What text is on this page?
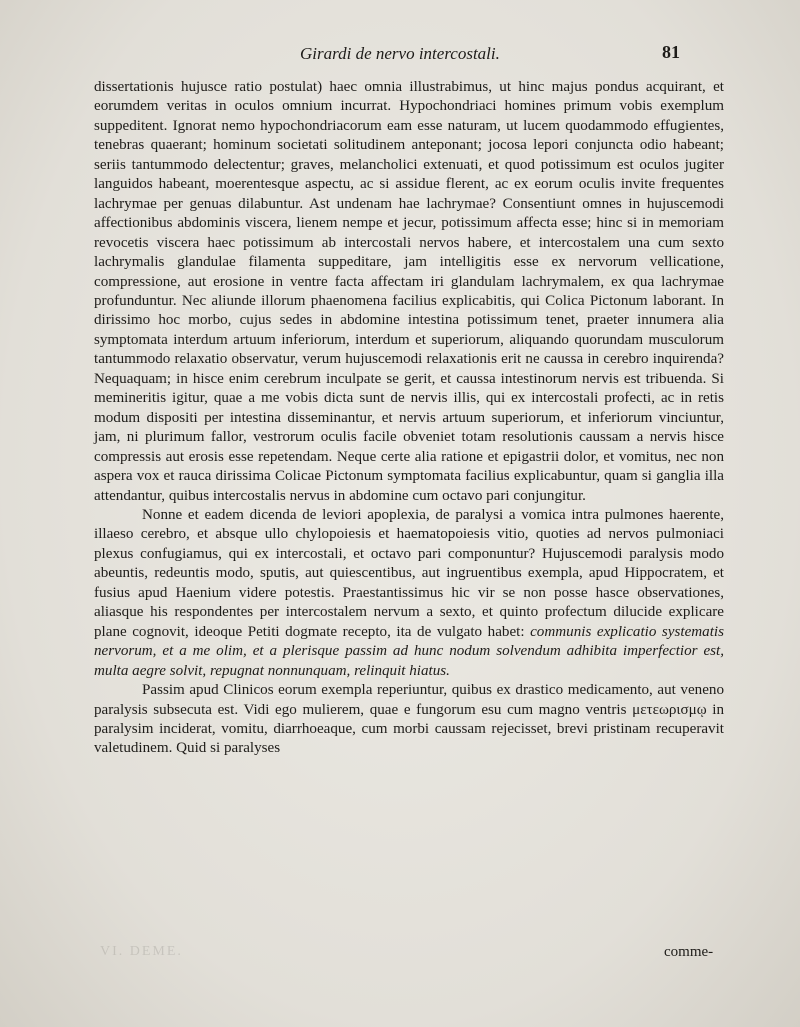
Girardi de nervo intercostali.	81

dissertationis hujusce ratio postulat) haec omnia illustrabimus, ut hinc majus pondus acquirant, et eorumdem veritas in oculos omnium incurrat. Hypochondriaci homines primum vobis exemplum suppeditent. Ignorat nemo hypochondriacorum eam esse naturam, ut lucem quodammodo effugientes, tenebras quaerant; hominum societati solitudinem anteponant; jocosa lepori conjuncta odio habeant; seriis tantummodo delectentur; graves, melancholici extenuati, et quod potissimum est oculos jugiter languidos habeant, moerentesque aspectu, ac si assidue flerent, ac ex eorum oculis invite frequentes lachrymae per genuas dilabuntur. Ast undenam hae lachrymae? Consentiunt omnes in hujuscemodi affectionibus abdominis viscera, lienem nempe et jecur, potissimum affecta esse; hinc si in memoriam revocetis viscera haec potissimum ab intercostali nervos habere, et intercostalem una cum sexto lachrymalis glandulae filamenta suppeditare, jam intelligitis esse ex nervorum vellicatione, compressione, aut erosione in ventre facta affectam iri glandulam lachrymalem, ex qua lachrymae profunduntur. Nec aliunde illorum phaenomena facilius explicabitis, qui Colica Pictonum laborant. In dirissimo hoc morbo, cujus sedes in abdomine intestina potissimum tenet, praeter innumera alia symptomata interdum artuum inferiorum, interdum et superiorum, aliquando quorundam musculorum tantummodo relaxatio observatur, verum hujuscemodi relaxationis erit ne caussa in cerebro inquirenda? Nequaquam; in hisce enim cerebrum inculpate se gerit, et caussa intestinorum nervis est tribuenda. Si memineritis igitur, quae a me vobis dicta sunt de nervis illis, qui ex intercostali profecti, ac in retis modum dispositi per intestina disseminantur, et nervis artuum superiorum, et inferiorum vinciuntur, jam, ni plurimum fallor, vestrorum oculis facile obveniet totam resolutionis caussam a nervis hisce compressis aut erosis esse repetendam. Neque certe alia ratione et epigastrii dolor, et vomitus, nec non aspera vox et rauca dirissima Colicae Pictonum symptomata facilius explicabuntur, quam si ganglia illa attendantur, quibus intercostalis nervus in abdomine cum octavo pari conjungitur.

Nonne et eadem dicenda de leviori apoplexia, de paralysi a vomica intra pulmones haerente, illaeso cerebro, et absque ullo chylopoiesis et haematopoiesis vitio, quoties ad nervos pulmoniaci plexus confugiamus, qui ex intercostali, et octavo pari componuntur? Hujuscemodi paralysis modo abeuntis, redeuntis modo, sputis, aut quiescentibus, aut ingruentibus exempla, apud Hippocratem, et fusius apud Haenium videre potestis. Praestantissimus hic vir se non posse hasce observationes, aliasque his respondentes per intercostalem nervum a sexto, et quinto profectum dilucide explicare plane cognovit, ideoque Petiti dogmate recepto, ita de vulgato habet: communis explicatio systematis nervorum, et a me olim, et a plerisque passim ad hunc nodum solvendum adhibita imperfectior est, multa aegre solvit, repugnat nonnunquam, relinquit hiatus.

Passim apud Clinicos eorum exempla reperiuntur, quibus ex drastico medicamento, aut veneno paralysis subsecuta est. Vidi ego mulierem, quae e fungorum esu cum magno ventris μετεωρισμῳ in paralysim inciderat, vomitu, diarrhoeaque, cum morbi caussam rejecisset, brevi pristinam recuperavit valetudinem. Quid si paralyses

VI. DEME.	comme-
